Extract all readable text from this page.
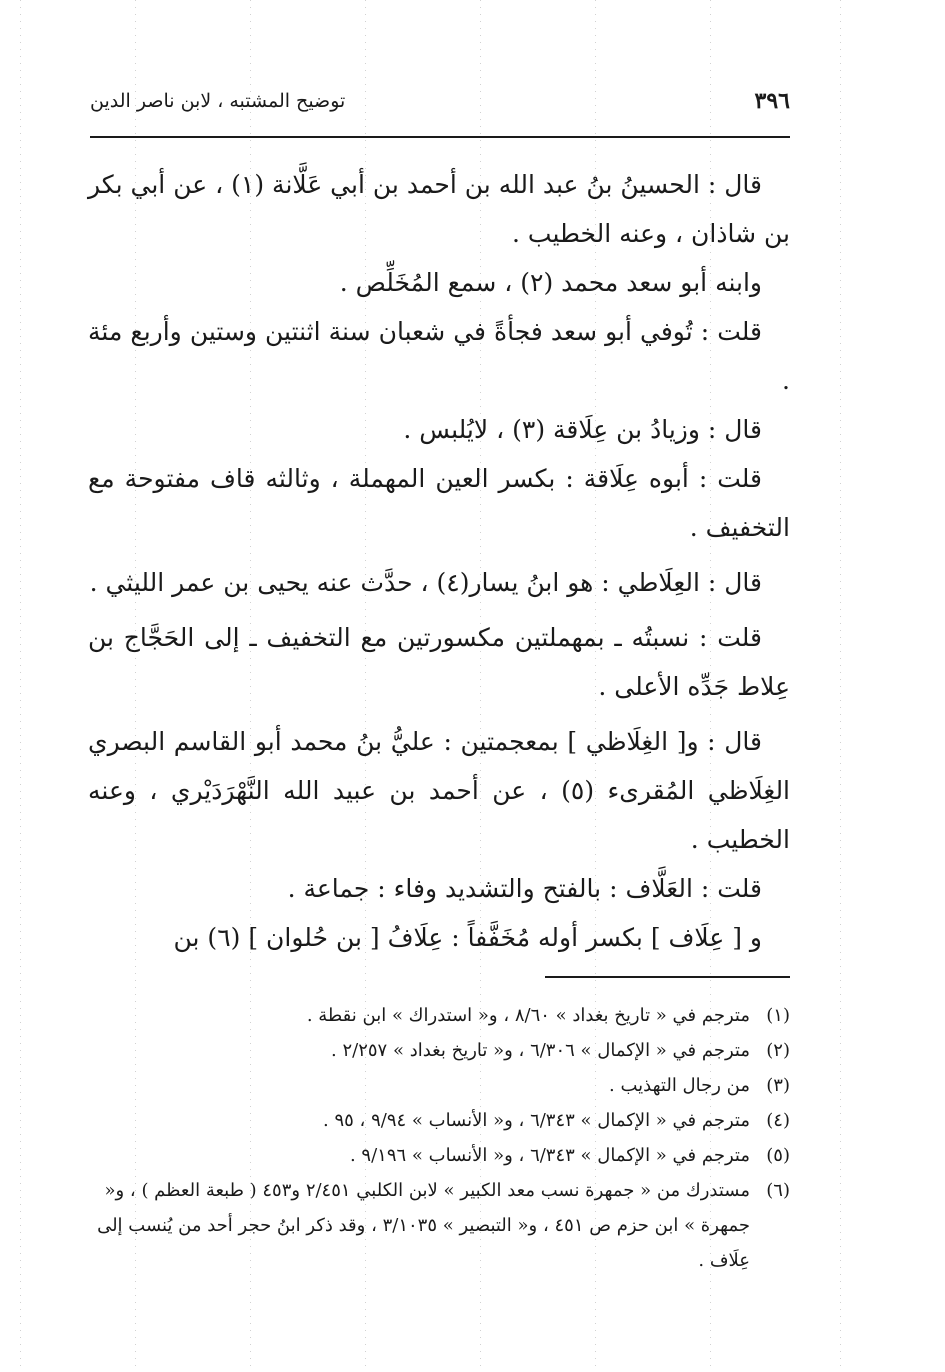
٣٩٦
توضيح المشتبه ، لابن ناصر الدين

قال : الحسينُ بنُ عبد الله بن أحمد بن أبي عَلَّانة (١) ، عن أبي بكر بن شاذان ، وعنه الخطيب .

وابنه أبو سعد محمد (٢) ، سمع المُخَلِّص .

قلت : تُوفي أبو سعد فجأةً في شعبان سنة اثنتين وستين وأربع مئة .

قال : وزيادُ بن عِلَاقة (٣) ، لايُلبس .

قلت : أبوه عِلَاقة : بكسر العين المهملة ، وثالثه قاف مفتوحة مع التخفيف .

قال : العِلَاطي : هو ابنُ يسار(٤) ، حدَّث عنه يحيى بن عمر الليثي .

قلت : نسبتُه ـ بمهملتين مكسورتين مع التخفيف ـ إلى الحَجَّاج بن عِلاط جَدِّه الأعلى .

قال : و[ الغِلَاظي ] بمعجمتين : عليُّ بنُ محمد أبو القاسم البصري الغِلَاظي المُقرىء (٥) ، عن أحمد بن عبيد الله النَّهْرَدَيْري ، وعنه الخطيب .

قلت : العَلَّاف : بالفتح والتشديد وفاء : جماعة .

و [ عِلَاف ] بكسر أوله مُخَفَّفاً : عِلَافُ [ بن حُلوان ] (٦) بن

(١)مترجم في « تاريخ بغداد » ٨/٦٠ ، و« استدراك » ابن نقطة .

(٢)مترجم في « الإكمال » ٦/٣٠٦ ، و« تاريخ بغداد » ٢/٢٥٧ .

(٣)من رجال التهذيب .

(٤)مترجم في « الإكمال » ٦/٣٤٣ ، و« الأنساب » ٩/٩٤ ، ٩٥ .

(٥)مترجم في « الإكمال » ٦/٣٤٣ ، و« الأنساب » ٩/١٩٦ .

(٦)مستدرك من « جمهرة نسب معد الكبير » لابن الكلبي ٢/٤٥١ و٤٥٣ ( طبعة العظم ) ، و« جمهرة » ابن حزم ص ٤٥١ ، و« التبصير » ٣/١٠٣٥ ، وقد ذكر ابنُ حجر أحد من يُنسب إلى عِلَاف .
